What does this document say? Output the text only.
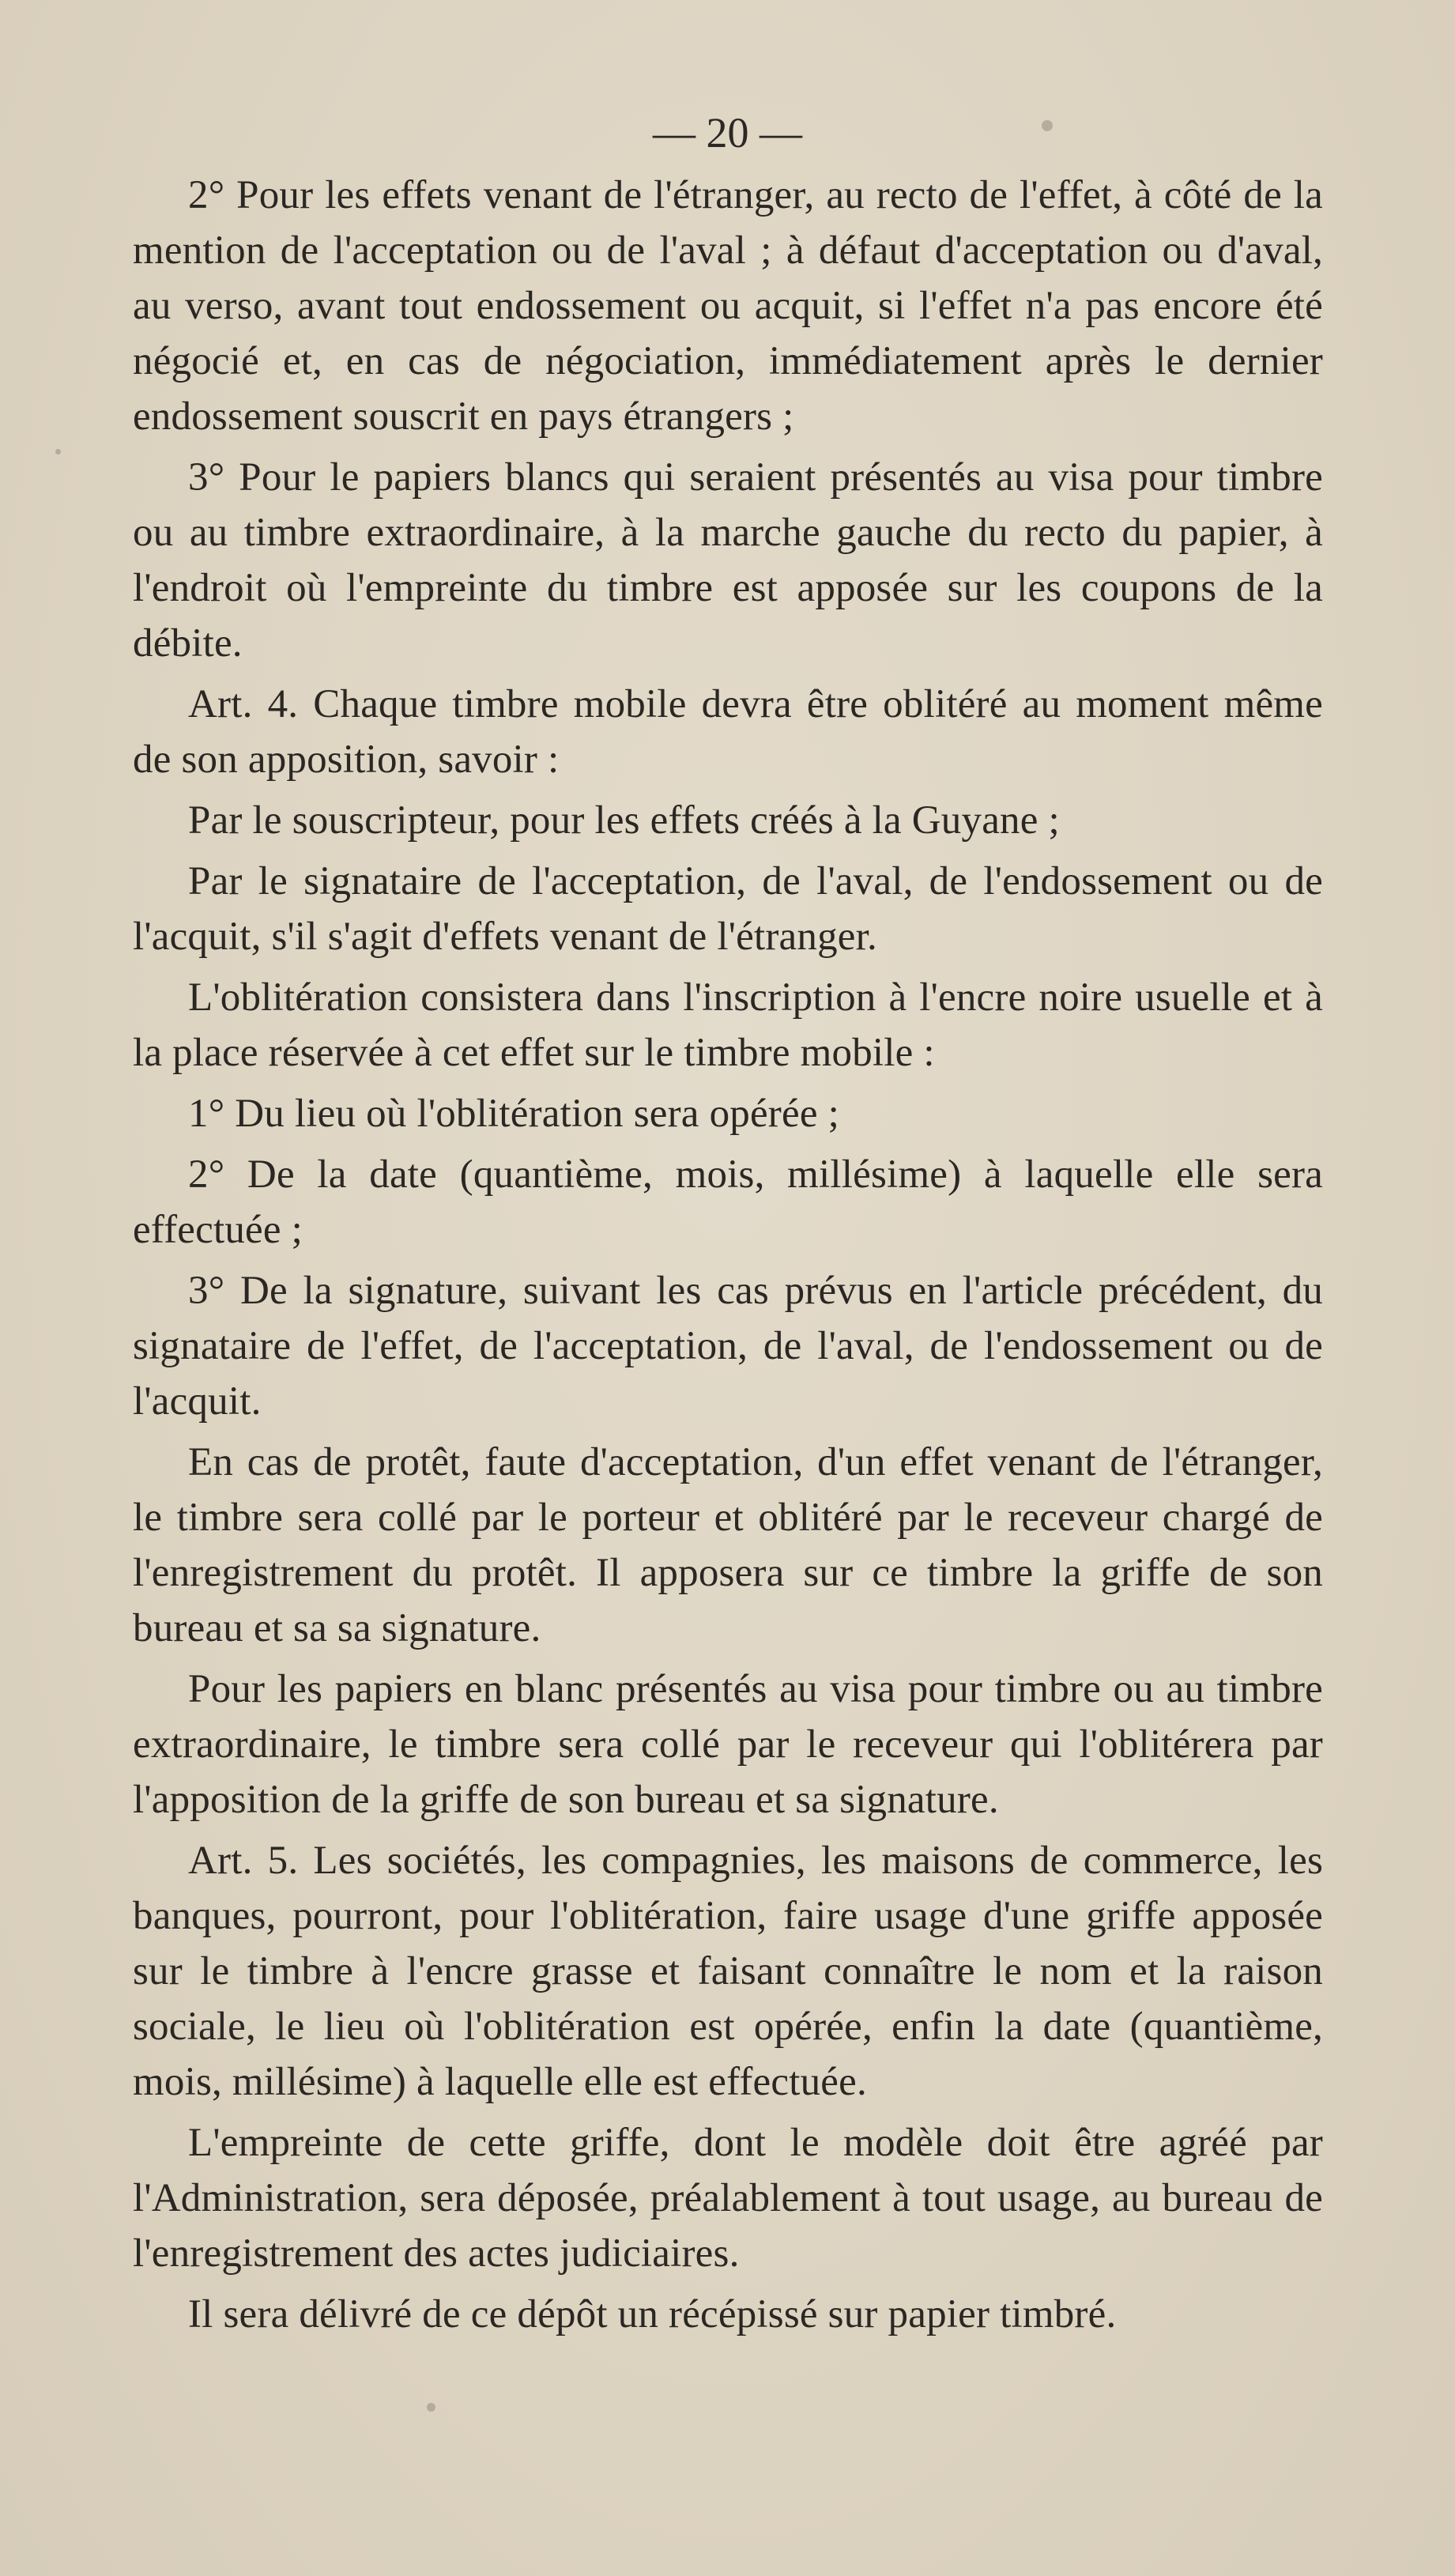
— 20 —

2° Pour les effets venant de l'étranger, au recto de l'effet, à côté de la mention de l'acceptation ou de l'aval ; à défaut d'acceptation ou d'aval, au verso, avant tout endossement ou acquit, si l'effet n'a pas encore été négocié et, en cas de négociation, immédiatement après le dernier endossement souscrit en pays étrangers ;

3° Pour le papiers blancs qui seraient présentés au visa pour timbre ou au timbre extraordinaire, à la marche gauche du recto du papier, à l'endroit où l'empreinte du timbre est apposée sur les coupons de la débite.

Art. 4. Chaque timbre mobile devra être oblitéré au moment même de son apposition, savoir :

Par le souscripteur, pour les effets créés à la Guyane ;

Par le signataire de l'acceptation, de l'aval, de l'endossement ou de l'acquit, s'il s'agit d'effets venant de l'étranger.

L'oblitération consistera dans l'inscription à l'encre noire usuelle et à la place réservée à cet effet sur le timbre mobile :

1° Du lieu où l'oblitération sera opérée ;

2° De la date (quantième, mois, millésime) à laquelle elle sera effectuée ;

3° De la signature, suivant les cas prévus en l'article précédent, du signataire de l'effet, de l'acceptation, de l'aval, de l'endossement ou de l'acquit.

En cas de protêt, faute d'acceptation, d'un effet venant de l'étranger, le timbre sera collé par le porteur et oblitéré par le receveur chargé de l'enregistrement du protêt. Il apposera sur ce timbre la griffe de son bureau et sa sa signature.

Pour les papiers en blanc présentés au visa pour timbre ou au timbre extraordinaire, le timbre sera collé par le receveur qui l'oblitérera par l'apposition de la griffe de son bureau et sa signature.

Art. 5. Les sociétés, les compagnies, les maisons de commerce, les banques, pourront, pour l'oblitération, faire usage d'une griffe apposée sur le timbre à l'encre grasse et faisant connaître le nom et la raison sociale, le lieu où l'oblitération est opérée, enfin la date (quantième, mois, millésime) à laquelle elle est effectuée.

L'empreinte de cette griffe, dont le modèle doit être agréé par l'Administration, sera déposée, préalablement à tout usage, au bureau de l'enregistrement des actes judiciaires.

Il sera délivré de ce dépôt un récépissé sur papier timbré.
